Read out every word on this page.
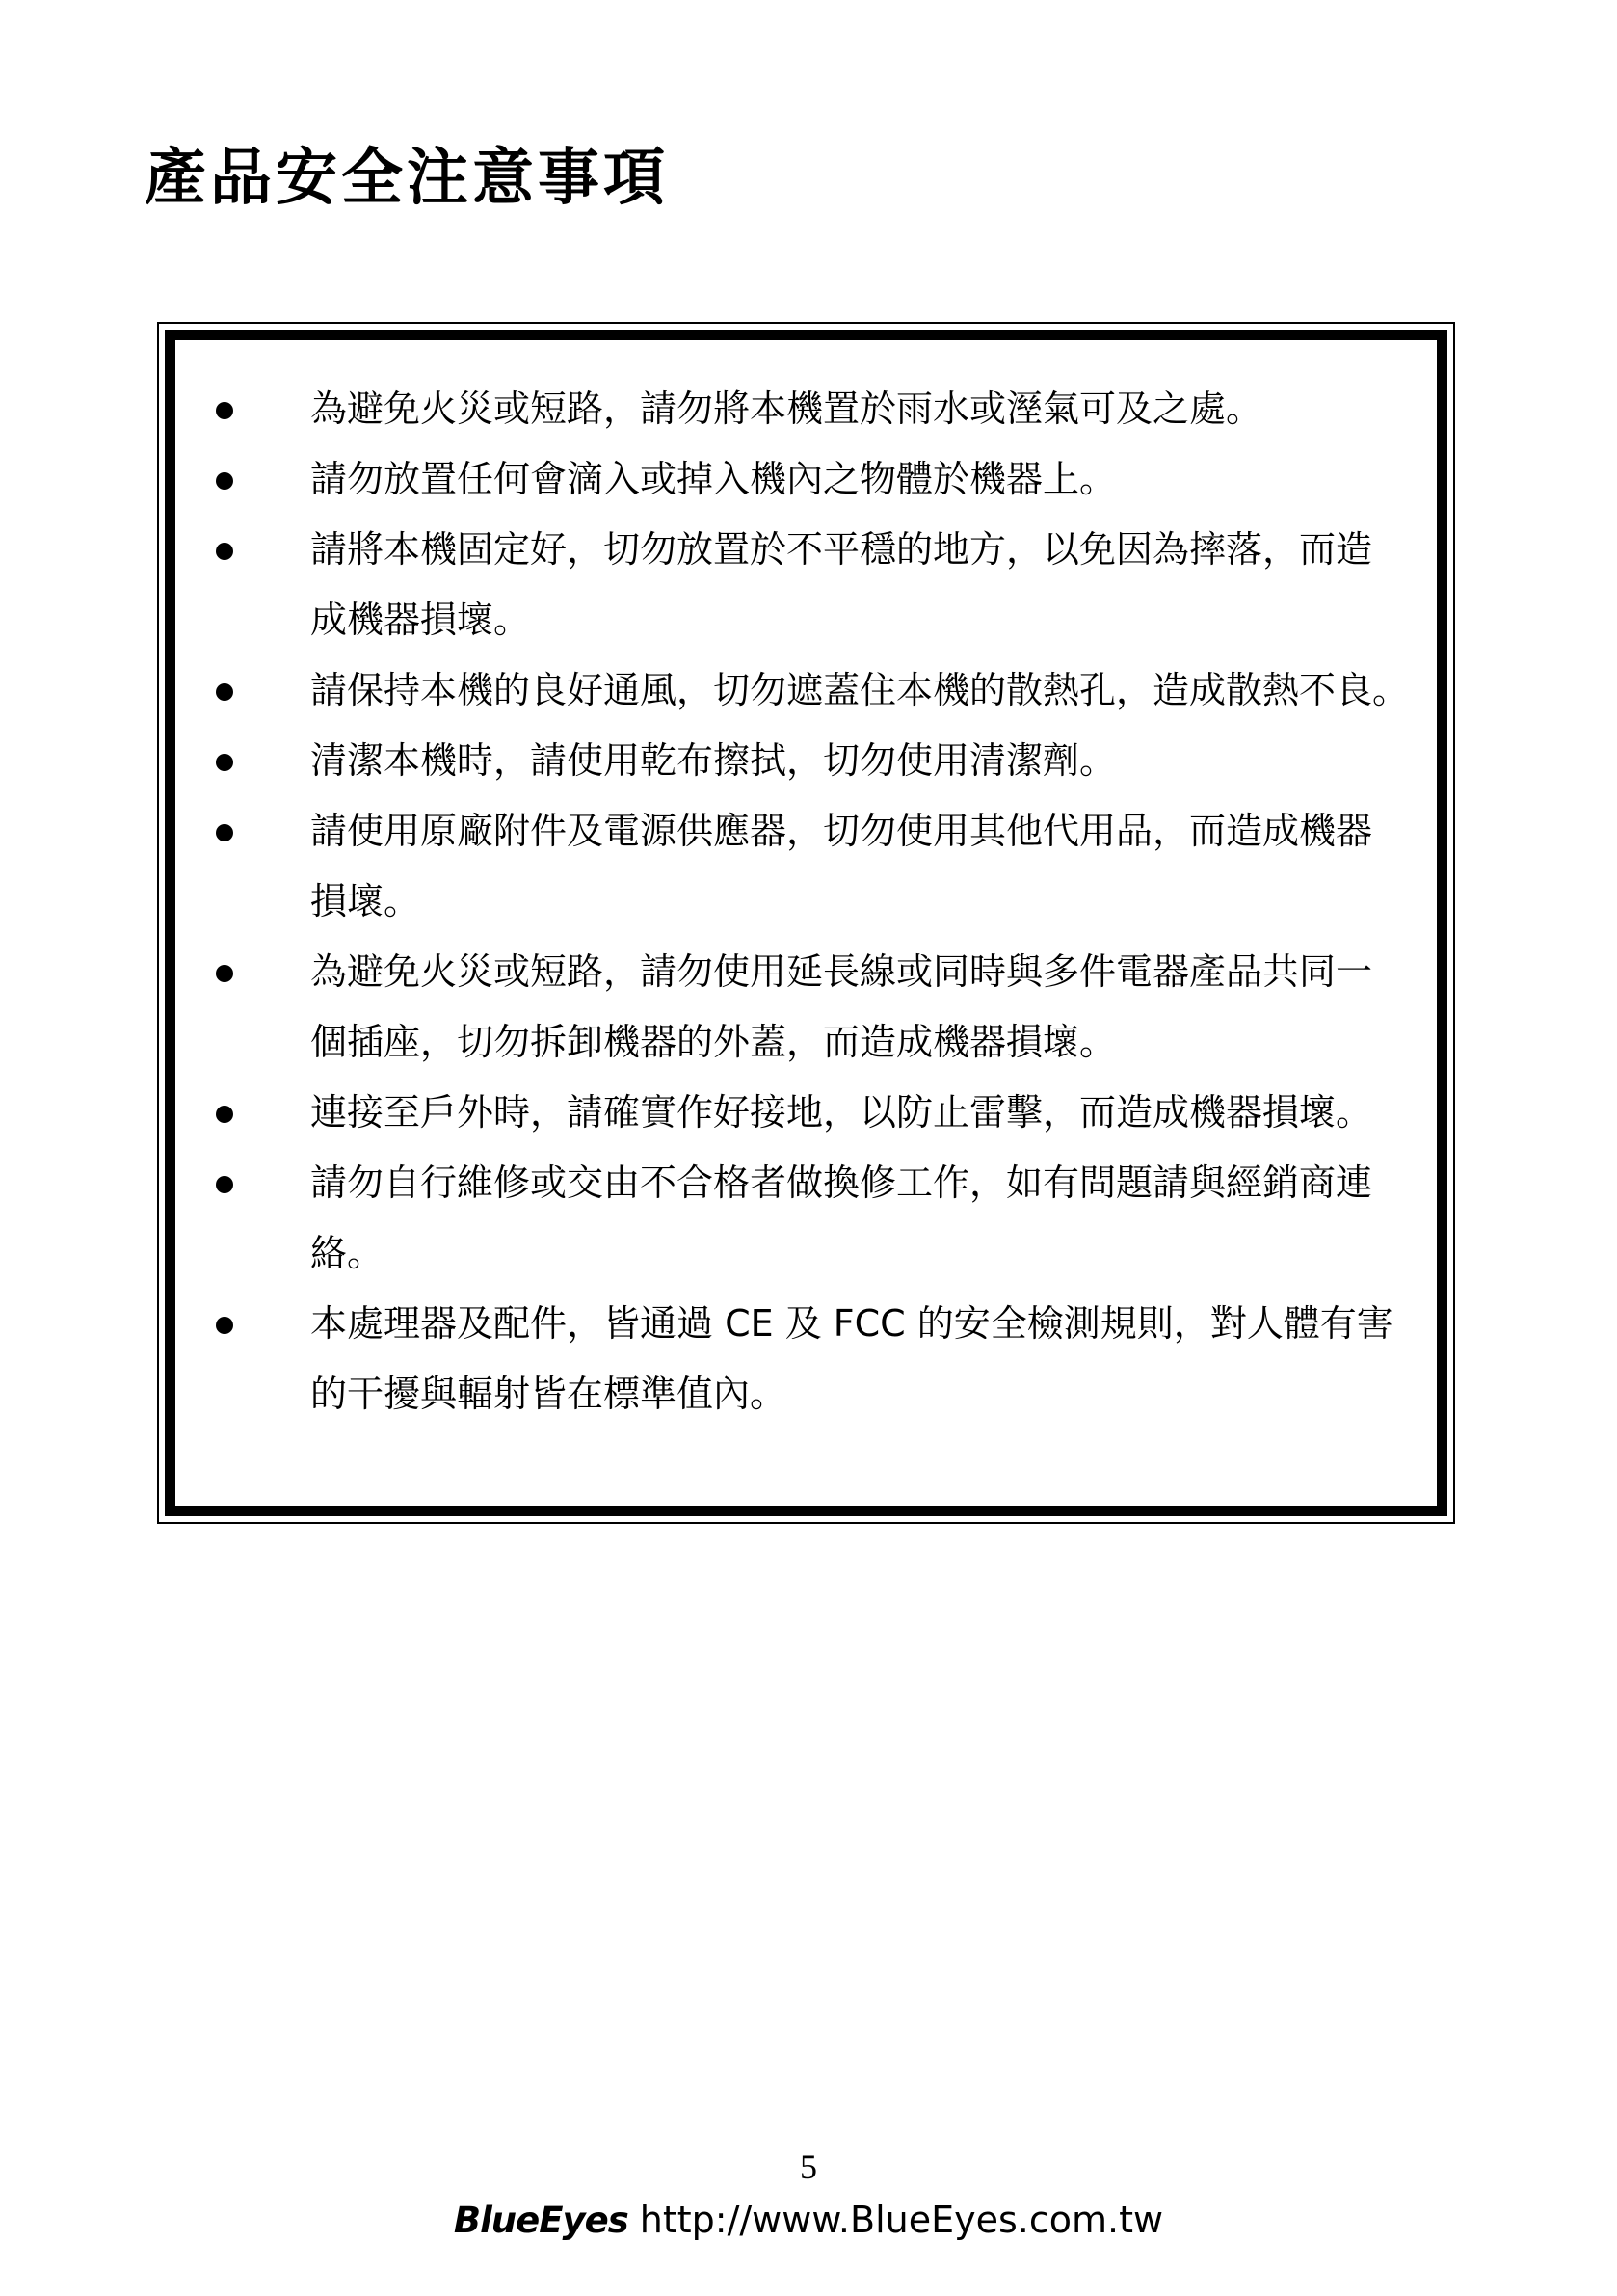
產品安全注意事項
為避免火災或短路，請勿將本機置於雨水或溼氣可及之處。
請勿放置任何會滴入或掉入機內之物體於機器上。
請將本機固定好，切勿放置於不平穩的地方，以免因為摔落，而造
成機器損壞。
請保持本機的良好通風，切勿遮蓋住本機的散熱孔，造成散熱不良。
清潔本機時，請使用乾布擦拭，切勿使用清潔劑。
請使用原廠附件及電源供應器，切勿使用其他代用品，而造成機器
損壞。
為避免火災或短路，請勿使用延長線或同時與多件電器產品共同一
個插座，切勿拆卸機器的外蓋，而造成機器損壞。
連接至戶外時，請確實作好接地，以防止雷擊，而造成機器損壞。
請勿自行維修或交由不合格者做換修工作，如有問題請與經銷商連
絡。
本處理器及配件，皆通過 CE 及 FCC 的安全檢測規則，對人體有害
的干擾與輻射皆在標準值內。
5
BlueEyes http://www.BlueEyes.com.tw
